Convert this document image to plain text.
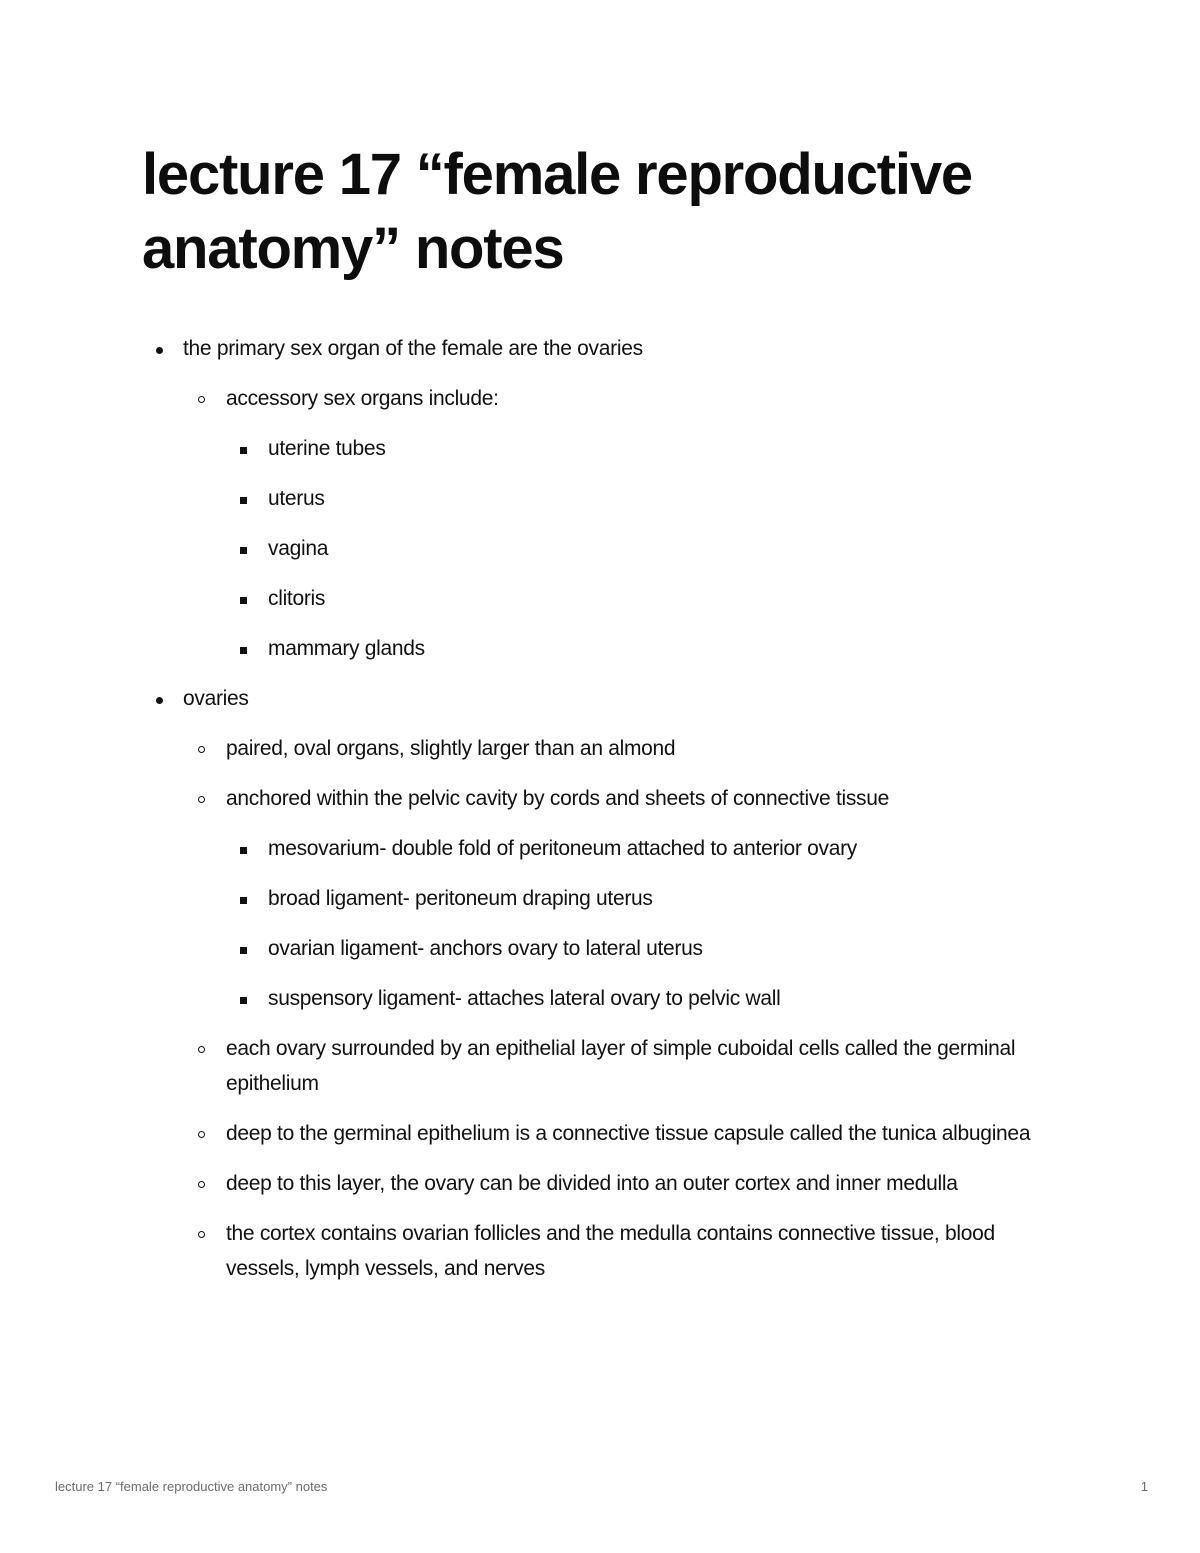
lecture 17 “female reproductive anatomy” notes
the primary sex organ of the female are the ovaries
accessory sex organs include:
uterine tubes
uterus
vagina
clitoris
mammary glands
ovaries
paired, oval organs, slightly larger than an almond
anchored within the pelvic cavity by cords and sheets of connective tissue
mesovarium- double fold of peritoneum attached to anterior ovary
broad ligament- peritoneum draping uterus
ovarian ligament- anchors ovary to lateral uterus
suspensory ligament- attaches lateral ovary to pelvic wall
each ovary surrounded by an epithelial layer of simple cuboidal cells called the germinal epithelium
deep to the germinal epithelium is a connective tissue capsule called the tunica albuginea
deep to this layer, the ovary can be divided into an outer cortex and inner medulla
the cortex contains ovarian follicles and the medulla contains connective tissue, blood vessels, lymph vessels, and nerves
lecture 17 “female reproductive anatomy” notes	1
